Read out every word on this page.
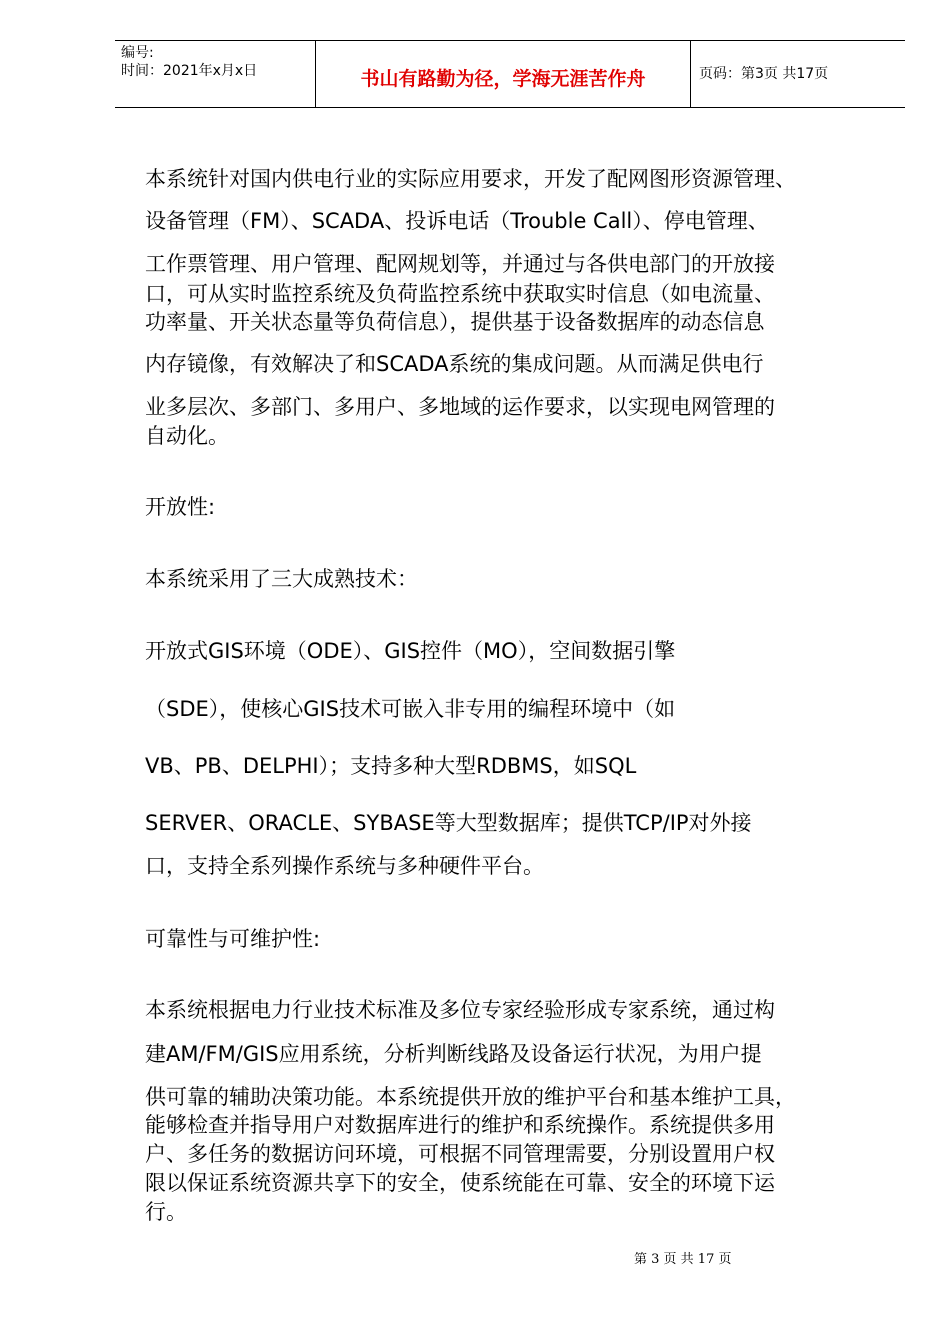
编号:
时间：2021年x月x日	书山有路勤为径，学海无涯苦作舟	页码：第3页 共17页
本系统针对国内供电行业的实际应用要求，开发了配网图形资源管理、
设备管理（FM）、SCADA、投诉电话（Trouble Call）、停电管理、
工作票管理、用户管理、配网规划等，并通过与各供电部门的开放接
口，可从实时监控系统及负荷监控系统中获取实时信息（如电流量、
功率量、开关状态量等负荷信息），提供基于设备数据库的动态信息
内存镜像，有效解决了和SCADA系统的集成问题。从而满足供电行
业多层次、多部门、多用户、多地域的运作要求，以实现电网管理的
自动化。
开放性:
本系统采用了三大成熟技术：
开放式GIS环境（ODE）、GIS控件（MO），空间数据引擎
（SDE），使核心GIS技术可嵌入非专用的编程环境中（如
VB、PB、DELPHI）；支持多种大型RDBMS，如SQL
SERVER、ORACLE、SYBASE等大型数据库；提供TCP/IP对外接
口，支持全系列操作系统与多种硬件平台。
可靠性与可维护性:
本系统根据电力行业技术标准及多位专家经验形成专家系统，通过构
建AM/FM/GIS应用系统，分析判断线路及设备运行状况，为用户提
供可靠的辅助决策功能。本系统提供开放的维护平台和基本维护工具，
能够检查并指导用户对数据库进行的维护和系统操作。系统提供多用
户、多任务的数据访问环境，可根据不同管理需要，分别设置用户权
限以保证系统资源共享下的安全，使系统能在可靠、安全的环境下运
行。
第 3 页 共 17 页
